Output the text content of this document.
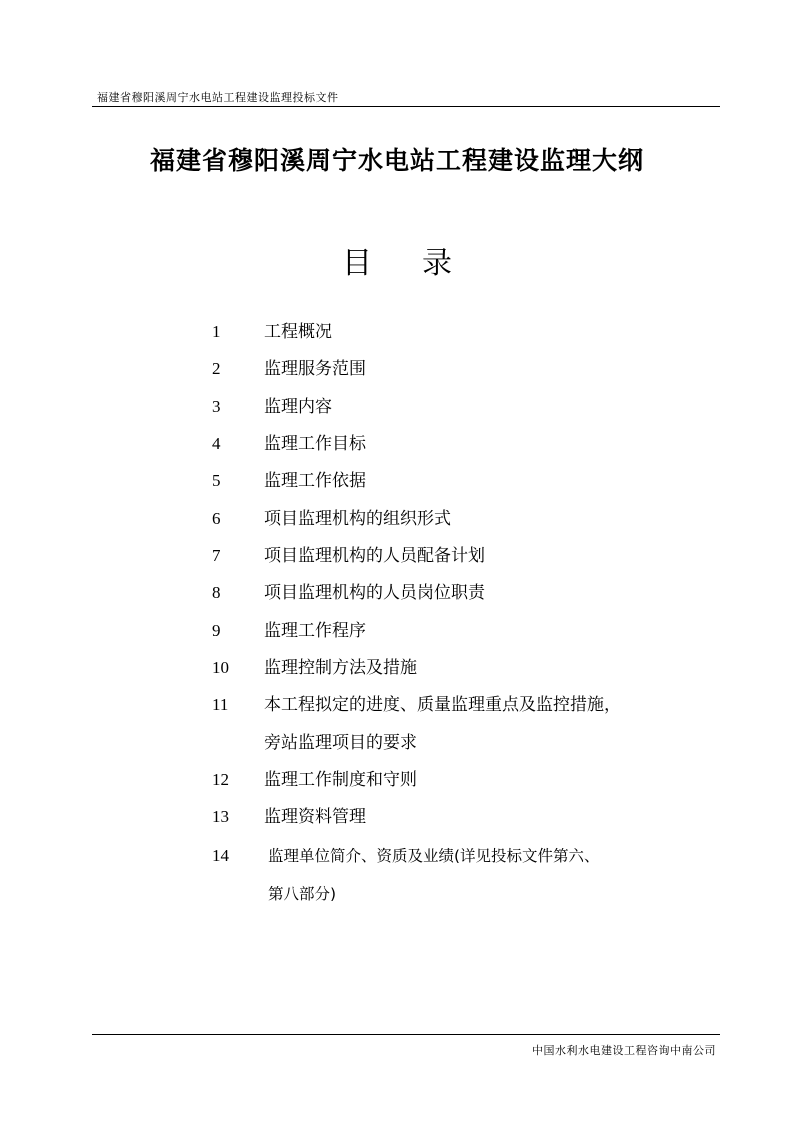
福建省穆阳溪周宁水电站工程建设监理投标文件
福建省穆阳溪周宁水电站工程建设监理大纲
目 录
1	工程概况
2	监理服务范围
3	监理内容
4	监理工作目标
5	监理工作依据
6	项目监理机构的组织形式
7	项目监理机构的人员配备计划
8	项目监理机构的人员岗位职责
9	监理工作程序
10 监理控制方法及措施
11 本工程拟定的进度、质量监理重点及监控措施，
旁站监理项目的要求
12 监理工作制度和守则
13 监理资料管理
14	监理单位简介、资质及业绩(详见投标文件第六、
第八部分)
中国水利水电建设工程咨询中南公司
